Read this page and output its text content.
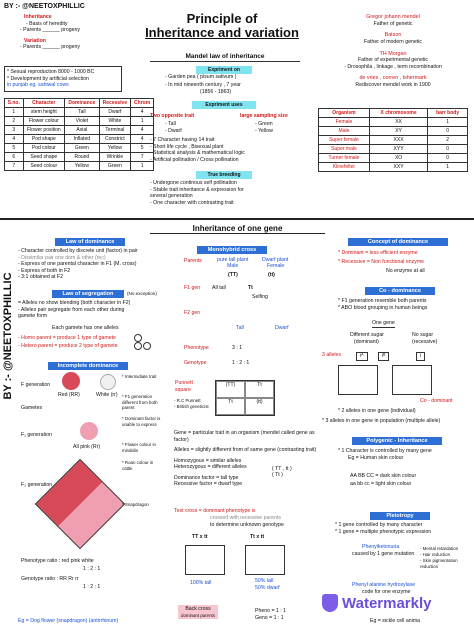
BY :- @NEETOXPHILLIC
Inheritance
- Basis of heredity
- Parents ______ progeny
Variation
- Parents ______ progeny
* Sexual reproduction 8000 - 1000 BC
* Development by artificial selection
in punjab eg. sahiwal cows
Principle of
Inheritance and variation
Mandel law of inheritance
Expriment on
- Garden pea ( pisum sativum )
- In mid nineenth century , 7 year
(1856 - 1863)
Expriment uses
Two opposite trait	large sampling size
- Tall
- Dwarf
- Green
- Yellow
- 7 Character having 14 trait
- Short life cycle , Bisexual plant
- Statistical analysis & mathematical logic
- Artificial pollination / Cross pollination
True breeding
- Undergone continous self pollination
- Stable trait inheritance & expression for
several generation
- One character with contrasting trait
Gregor johann mendel
Father of genetic
Batson
Father of modern genetic
TH Morgan
Father of experimental genetic
- Drosophila , linkage , term recombination
de vries , corren , tshermark
Rediscover mendel work in 1900
S.no.	Character	Dominance	Recessive	Chrom
1	stem height	Tall	Dwarf	4
2	Flower colour	Violet	White	1
3	Flower position	Axial	Terminal	4
4	Pod shape	Inflated	Constrict	4
5	Pod colour	Green	Yellow	5
6	Seed shape	Round	Wrinkle	7
7	Seed colour	Yellow	Green	1
Organism	X chromosome	barr body
Female	XX	1
Male	XY	0
Super female	XXX	2
Super male	XYY	0
Turner female	XO	0
Klinefelter	XXY	1
BY :- @NEETOXPHILLIC
Inheritance of one gene
Law of dominance
- Character controlled by discrete unit (factor) in pair
- Dissimilar pair one dom & other (rec)
- Express of one parental character in F1 (M. cross)
- Express of both in F2
- 3:1 obtained at F2
Law of segregation	(No exception)
= Alleles no show blending (both character in F2)
- Alleles pair segregate from each other during
gamete form
Each gamete has one alleles
- Homo parent = produce 1 type of gamete
- Hetero parent = produce 2 type of gamete
Incomplete dominance
F generation
Red (RR)	White (rr)
* Intermidiate trait
Gametes
F₁ generation
All pink (Rr)
* F1 generation different from both parent
* Dominant factor is unable to express
* Flower colour in mirabilis
* Roan colour in cattle
F₂ generation
* Snapdragon
Phenotype ratio : red pink white
1 : 2 : 1
Genotype ratio : RR Rr rr
1 : 2 : 1
Eg = Dog flower (snapdragon) (antirrhinum)
Monohybrid cross
Parents	pure tall plant
Male
Dwarf plant
Female
(TT)	(tt)
F1 gen	Tt
All tall
Selfing
F2 gen
Tall	Dwarf
Phenotype	3 : 1
Genotype	1 : 2 : 1
Punnett square
- R.C Punnett
- British geneticist
(TT)	Tt
Tt	(tt)
Gene = particular trait in an organism (mendel called gene as factor)
Alleles = slightly different from of same gene (contrasting trait)
Homozygous = similar alleles
Heterozygous = different alleles
Dominance factor = tall type
Recessive factor = dwarf type
( TT , tt )
( Tt )
Test cross = dominant phenotype is
crossed with recessive parents
to determine unknown genotype
TT x tt	Tt x tt
100% tall	50% tall
50% dwarf
Back cross
dominant parents
Pheno = 1 : 1
Geno = 1 : 1
Concept of dominance
* Dominant = less efficient enzyme
* Recessive = Non functional enzyme
No enzyme at all
Co - dominance
* F1 generation resemble both parents
* ABO blood grouping in human beings
One gene
Different sugar
(dominant)
No sugar
(recessive)
3 alleles	iᴬ	iᴮ	i
Co - dominant
* 2 alleles in one gene (individual)
* 3 alleles in one gene in population (multiple allele)
Polygenic - Inheritance
* 1 Character is controlled by many gene
Eg = Human skin colour
AA BB CC = dark skin colour
aa bb cc = light skin colour
Pleiotropy
* 1 gene controlled by many character
* 1 gene = multiple phenotypic expression
Phenylketonuria
caused by 1 gene mutation
- Mental retardation
- Hair reduction
- Skin pigmentation reduction
Phenyl alanine hydroxylase
code for one enzyme
Eg = sickle cell anima
Watermarkly
